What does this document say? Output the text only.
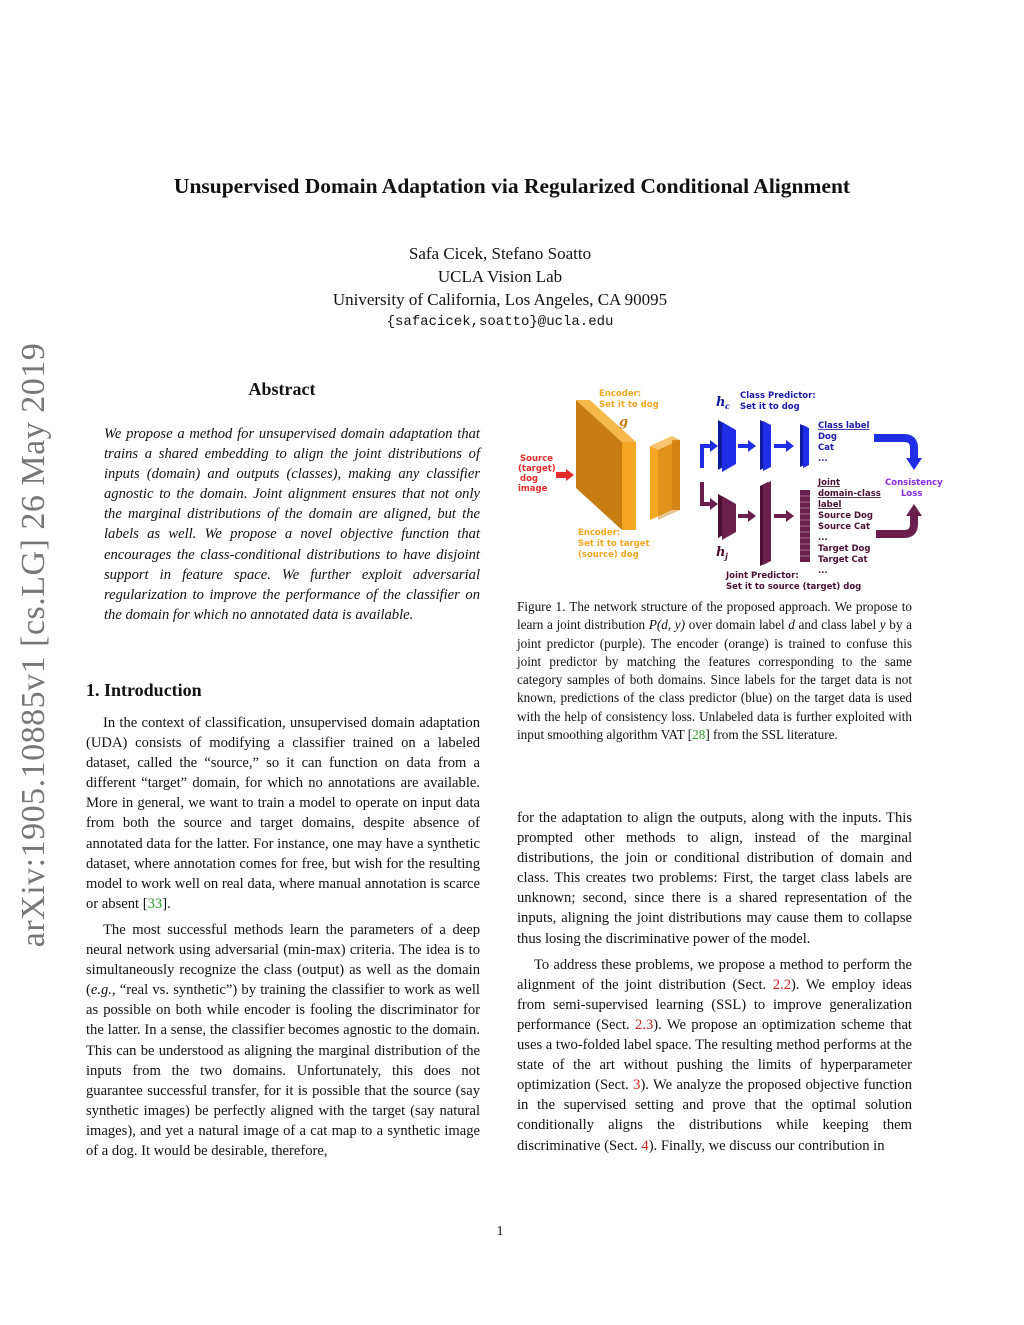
arXiv:1905.10885v1 [cs.LG] 26 May 2019
Unsupervised Domain Adaptation via Regularized Conditional Alignment
Safa Cicek, Stefano Soatto
UCLA Vision Lab
University of California, Los Angeles, CA 90095
{safacicek,soatto}@ucla.edu
Abstract

We propose a method for unsupervised domain adaptation that trains a shared embedding to align the joint distributions of inputs (domain) and outputs (classes), making any classifier agnostic to the domain. Joint alignment ensures that not only the marginal distributions of the domain are aligned, but the labels as well. We propose a novel objective function that encourages the class-conditional distributions to have disjoint support in feature space. We further exploit adversarial regularization to improve the performance of the classifier on the domain for which no annotated data is available.

1. Introduction

In the context of classification, unsupervised domain adaptation (UDA) consists of modifying a classifier trained on a labeled dataset, called the “source,” so it can function on data from a different “target” domain, for which no annotations are available. More in general, we want to train a model to operate on input data from both the source and target domains, despite absence of annotated data for the latter. For instance, one may have a synthetic dataset, where annotation comes for free, but wish for the resulting model to work well on real data, where manual annotation is scarce or absent [33].

The most successful methods learn the parameters of a deep neural network using adversarial (min-max) criteria. The idea is to simultaneously recognize the class (output) as well as the domain (e.g., “real vs. synthetic”) by training the classifier to work as well as possible on both while encoder is fooling the discriminator for the latter. In a sense, the classifier becomes agnostic to the domain. This can be understood as aligning the marginal distribution of the inputs from the two domains. Unfortunately, this does not guarantee successful transfer, for it is possible that the source (say synthetic images) be perfectly aligned with the target (say natural images), and yet a natural image of a cat map to a synthetic image of a dog. It would be desirable, therefore,

Source
(target)
dog
image
Encoder:
Set it to dog
g
Encoder:
Set it to target
(source) dog
h c
Class Predictor:
Set it to dog
Class label
Dog
Cat
...
Consistency
Loss
h j
Joint
domain-class
label
Source Dog
Source Cat
...
Target Dog
Target Cat
...
Joint Predictor:
Set it to source (target) dog

Figure 1. The network structure of the proposed approach. We propose to learn a joint distribution P(d, y) over domain label d and class label y by a joint predictor (purple). The encoder (orange) is trained to confuse this joint predictor by matching the features corresponding to the same category samples of both domains. Since labels for the target data is not known, predictions of the class predictor (blue) on the target data is used with the help of consistency loss. Unlabeled data is further exploited with input smoothing algorithm VAT [28] from the SSL literature.

for the adaptation to align the outputs, along with the inputs. This prompted other methods to align, instead of the marginal distributions, the join or conditional distribution of domain and class. This creates two problems: First, the target class labels are unknown; second, since there is a shared representation of the inputs, aligning the joint distributions may cause them to collapse thus losing the discriminative power of the model.

To address these problems, we propose a method to perform the alignment of the joint distribution (Sect. 2.2). We employ ideas from semi-supervised learning (SSL) to improve generalization performance (Sect. 2.3). We propose an optimization scheme that uses a two-folded label space. The resulting method performs at the state of the art without pushing the limits of hyperparameter optimization (Sect. 3). We analyze the proposed objective function in the supervised setting and prove that the optimal solution conditionally aligns the distributions while keeping them discriminative (Sect. 4). Finally, we discuss our contribution in

1
